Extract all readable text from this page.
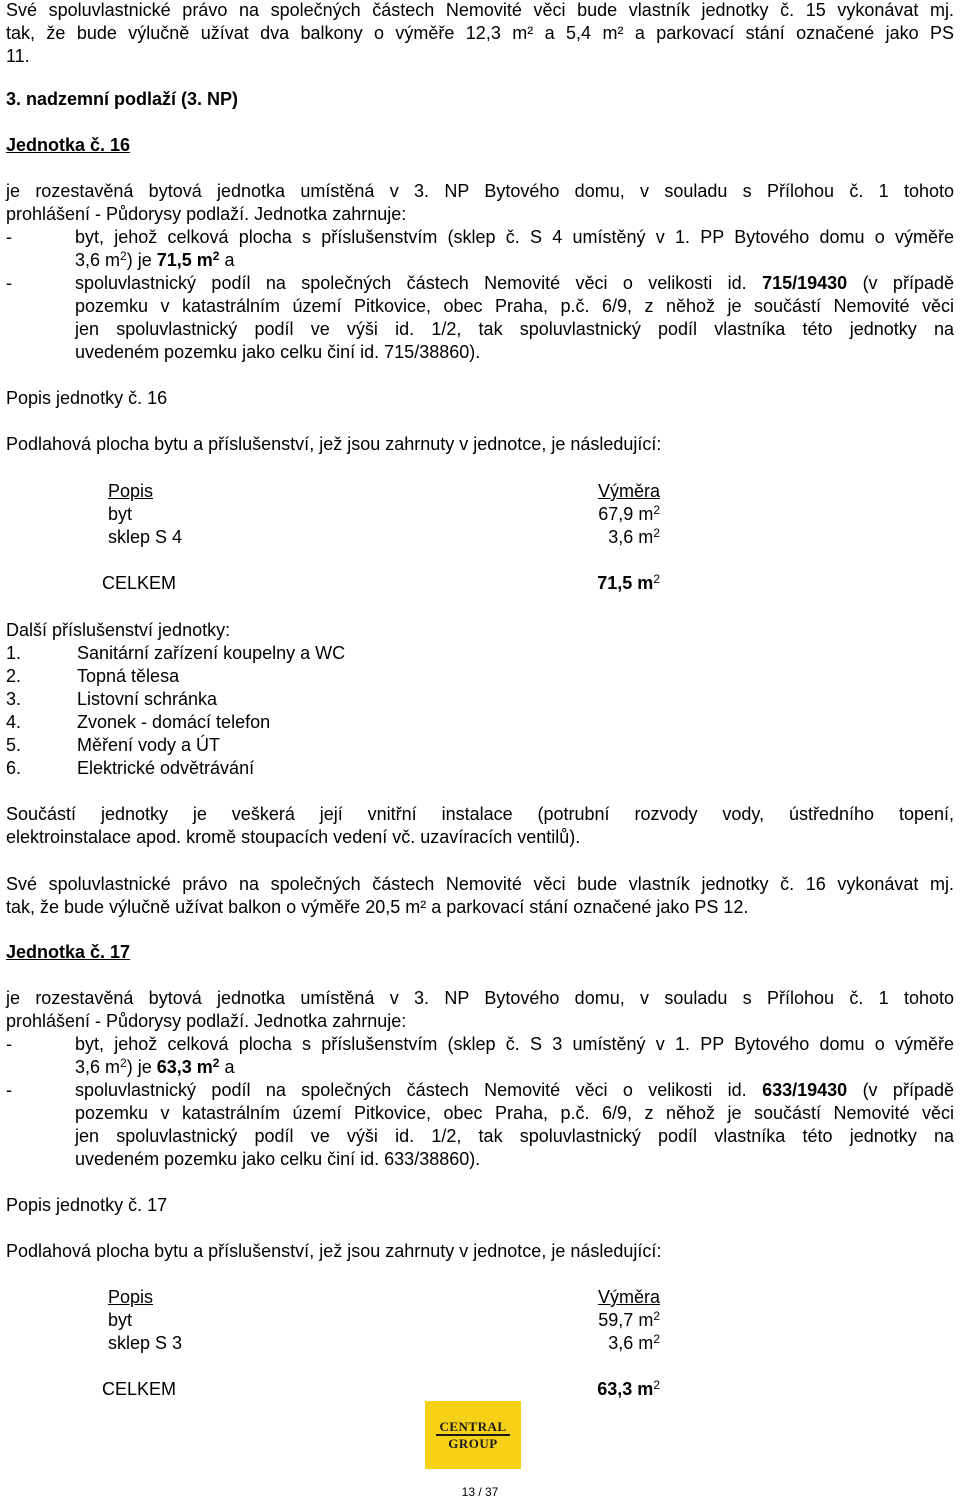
Své spoluvlastnické právo na společných částech Nemovité věci bude vlastník jednotky č. 15 vykonávat mj.
tak, že bude výlučně užívat dva balkony o výměře 12,3 m² a 5,4 m² a parkovací stání označené jako PS
11.
3. nadzemní podlaží (3. NP)
Jednotka č. 16
je rozestavěná bytová jednotka umístěná v 3. NP Bytového domu, v souladu s Přílohou č. 1 tohoto
prohlášení - Půdorysy podlaží. Jednotka zahrnuje:
-	byt, jehož celková plocha s příslušenstvím (sklep č. S 4 umístěný v 1. PP Bytového domu o výměře
3,6 $m^2$) je 71,5 $m^2$ a
-	spoluvlastnický podíl na společných částech Nemovité věci o velikosti id. 715/19430 (v případě
pozemku v katastrálním území Pitkovice, obec Praha, p.č. 6/9, z něhož je součástí Nemovité věci
jen spoluvlastnický podíl ve výši id. 1/2, tak spoluvlastnický podíl vlastníka této jednotky na
uvedeném pozemku jako celku činí id. 715/38860).
Popis jednotky č. 16
Podlahová plocha bytu a příslušenství, jež jsou zahrnuty v jednotce, je následující:
Popis	Výměra
byt	67,9 $m^2$
sklep S 4	3,6 $m^2$
CELKEM	71,5 $m^2$
Další příslušenství jednotky:
1.	Sanitární zařízení koupelny a WC
2.	Topná tělesa
3.	Listovní schránka
4.	Zvonek - domácí telefon
5.	Měření vody a ÚT
6.	Elektrické odvětrávání
Součástí jednotky je veškerá její vnitřní instalace (potrubní rozvody vody, ústředního topení,
elektroinstalace apod. kromě stoupacích vedení vč. uzavíracích ventilů).
Své spoluvlastnické právo na společných částech Nemovité věci bude vlastník jednotky č. 16 vykonávat mj.
tak, že bude výlučně užívat balkon o výměře 20,5 m² a parkovací stání označené jako PS 12.
Jednotka č. 17
je rozestavěná bytová jednotka umístěná v 3. NP Bytového domu, v souladu s Přílohou č. 1 tohoto
prohlášení - Půdorysy podlaží. Jednotka zahrnuje:
-	byt, jehož celková plocha s příslušenstvím (sklep č. S 3 umístěný v 1. PP Bytového domu o výměře
3,6 $m^2$) je 63,3 $m^2$ a
-	spoluvlastnický podíl na společných částech Nemovité věci o velikosti id. 633/19430 (v případě
pozemku v katastrálním území Pitkovice, obec Praha, p.č. 6/9, z něhož je součástí Nemovité věci
jen spoluvlastnický podíl ve výši id. 1/2, tak spoluvlastnický podíl vlastníka této jednotky na
uvedeném pozemku jako celku činí id. 633/38860).
Popis jednotky č. 17
Podlahová plocha bytu a příslušenství, jež jsou zahrnuty v jednotce, je následující:
Popis	Výměra
byt	59,7 $m^2$
sklep S 3	3,6 $m^2$
CELKEM	63,3 $m^2$
CENTRAL
GROUP
13 / 37
